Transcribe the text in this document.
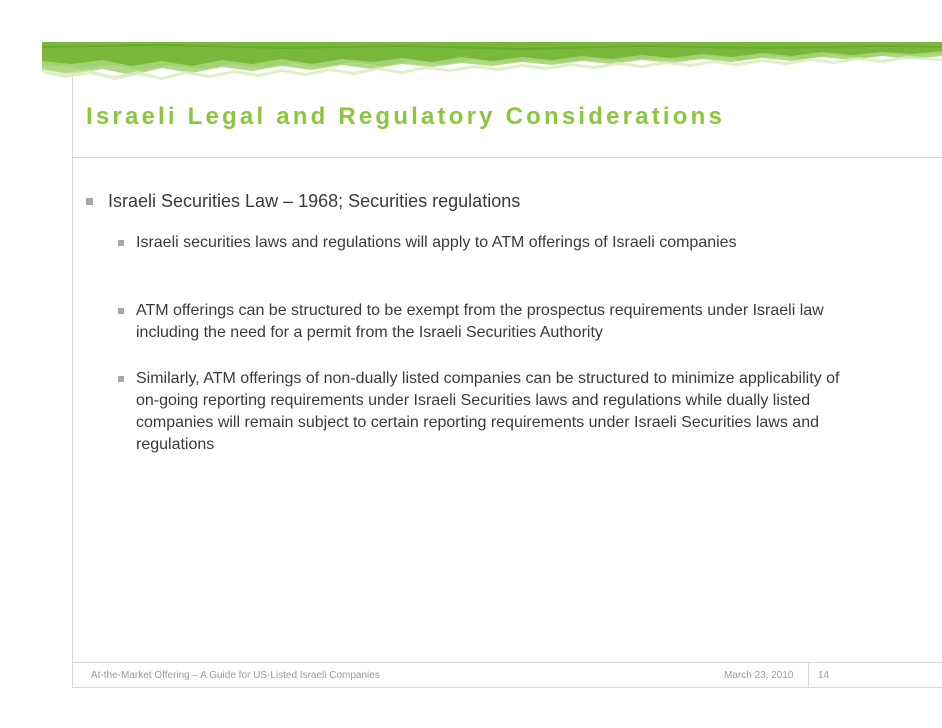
Israeli Legal and Regulatory Considerations
Israeli Securities Law – 1968; Securities regulations
Israeli securities laws and regulations will apply to ATM offerings of Israeli companies
ATM offerings can be structured to be exempt from the prospectus requirements under Israeli law including the need for a permit from the Israeli Securities Authority
Similarly, ATM offerings of non-dually listed companies can be structured to minimize applicability of on-going reporting requirements under Israeli Securities laws and regulations while dually listed companies will remain subject to certain reporting requirements under Israeli Securities laws and regulations
At-the-Market Offering – A Guide for US-Listed Israeli Companies	March 23, 2010 14
